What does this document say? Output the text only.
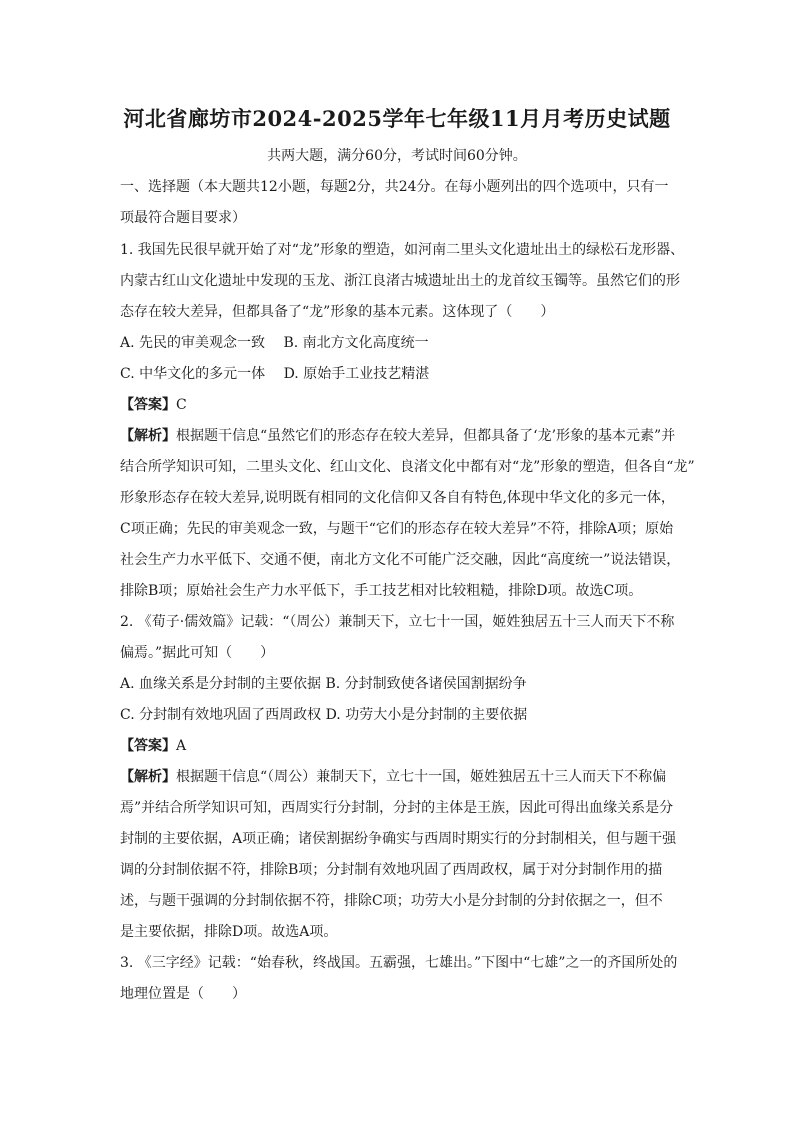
河北省廊坊市2024-2025学年七年级11月月考历史试题
共两大题，满分60分，考试时间60分钟。
一、选择题（本大题共12小题，每题2分，共24分。在每小题列出的四个选项中，只有一
项最符合题目要求）
1. 我国先民很早就开始了对“龙”形象的塑造，如河南二里头文化遗址出土的绿松石龙形器、
内蒙古红山文化遗址中发现的玉龙、浙江良渚古城遗址出土的龙首纹玉镯等。虽然它们的形
态存在较大差异，但都具备了“龙”形象的基本元素。这体现了（　　）
A. 先民的审美观念一致　 B. 南北方文化高度统一
C. 中华文化的多元一体　 D. 原始手工业技艺精湛
【答案】C
【解析】根据题干信息“虽然它们的形态存在较大差异，但都具备了‘龙’形象的基本元素”并
结合所学知识可知，二里头文化、红山文化、良渚文化中都有对“龙”形象的塑造，但各自“龙”
形象形态存在较大差异,说明既有相同的文化信仰又各自有特色,体现中华文化的多元一体，
C项正确；先民的审美观念一致，与题干“它们的形态存在较大差异”不符，排除A项；原始
社会生产力水平低下、交通不便，南北方文化不可能广泛交融，因此“高度统一”说法错误，
排除B项；原始社会生产力水平低下，手工技艺相对比较粗糙，排除D项。故选C项。
2. 《荀子·儒效篇》记载：“（周公）兼制天下，立七十一国，姬姓独居五十三人而天下不称
偏焉。”据此可知（　　）
A. 血缘关系是分封制的主要依据 B. 分封制致使各诸侯国割据纷争
C. 分封制有效地巩固了西周政权 D. 功劳大小是分封制的主要依据
【答案】A
【解析】根据题干信息“（周公）兼制天下，立七十一国，姬姓独居五十三人而天下不称偏
焉”并结合所学知识可知，西周实行分封制，分封的主体是王族，因此可得出血缘关系是分
封制的主要依据，A项正确；诸侯割据纷争确实与西周时期实行的分封制相关，但与题干强
调的分封制依据不符，排除B项；分封制有效地巩固了西周政权，属于对分封制作用的描
述，与题干强调的分封制依据不符，排除C项；功劳大小是分封制的分封依据之一，但不
是主要依据，排除D项。故选A项。
3. 《三字经》记载：“始春秋，终战国。五霸强，七雄出。”下图中“七雄”之一的齐国所处的
地理位置是（　　）
